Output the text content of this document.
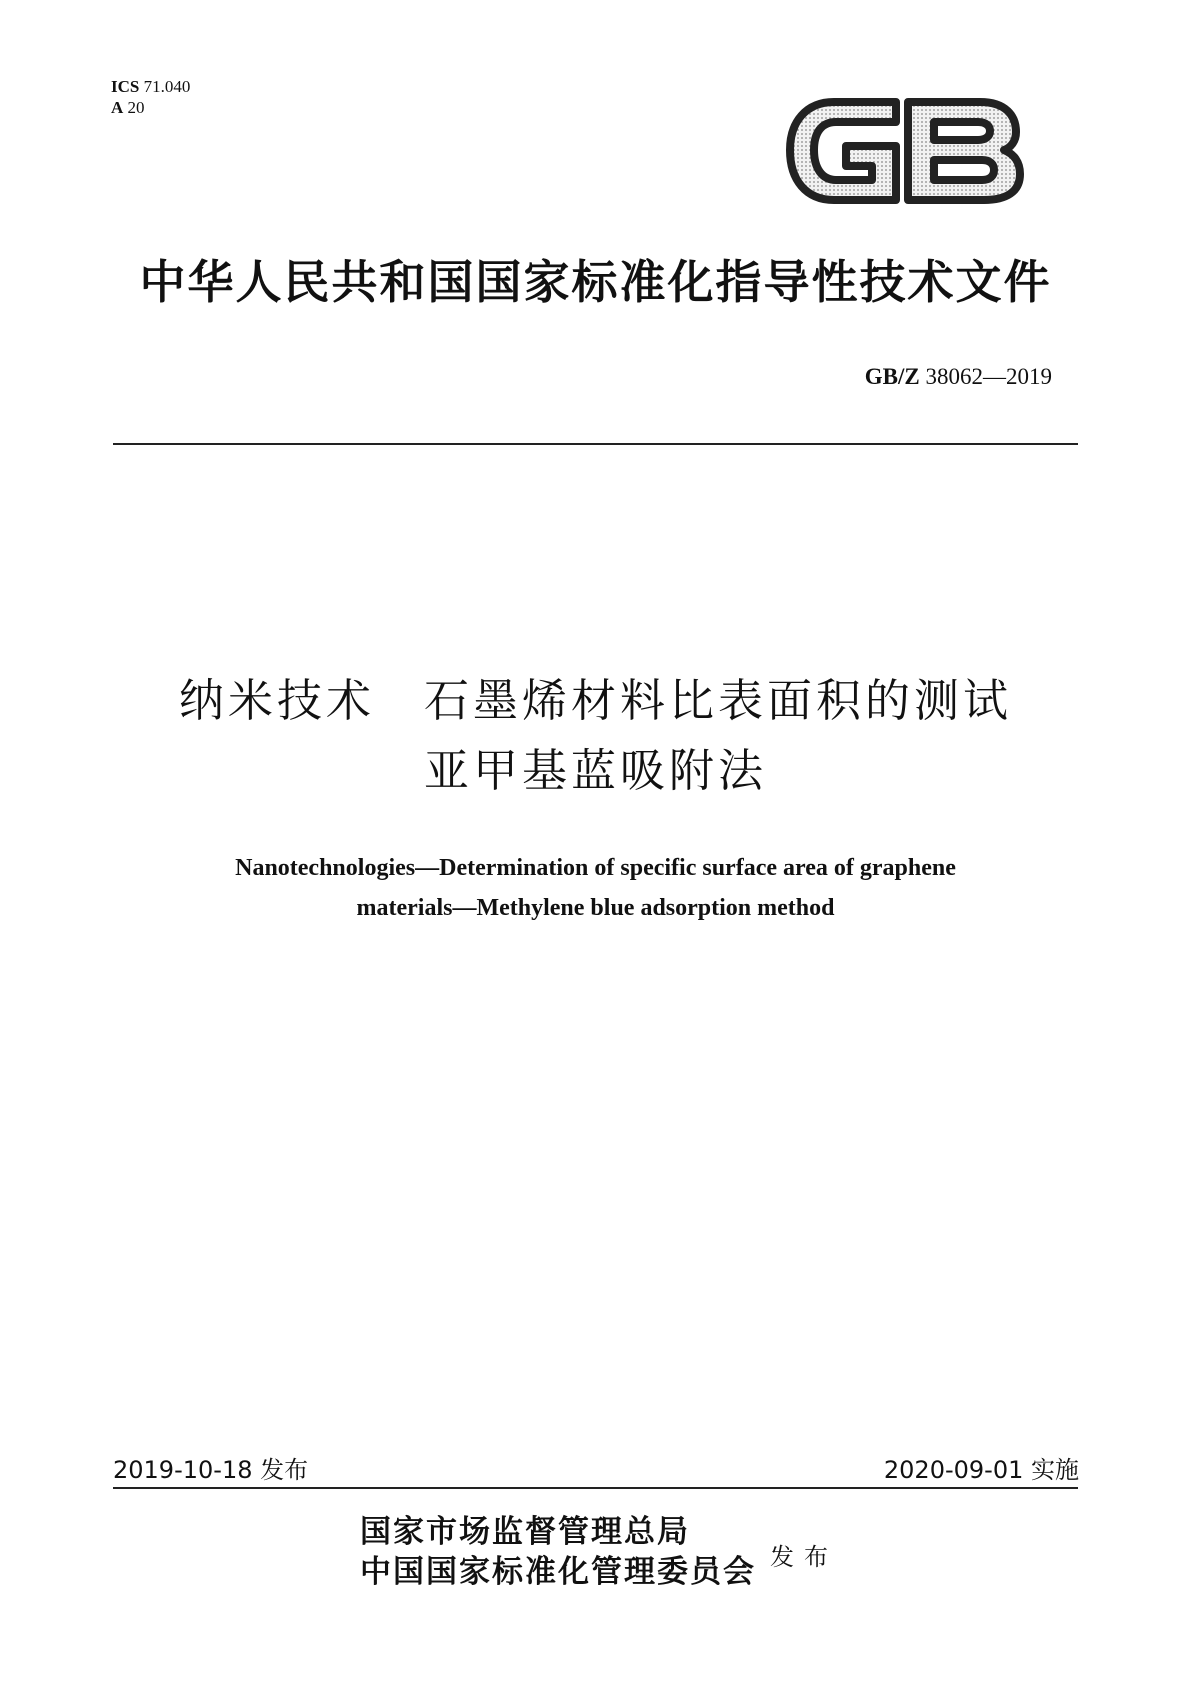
ICS 71.040
A 20
中华人民共和国国家标准化指导性技术文件
GB/Z 38062—2019
纳米技术　石墨烯材料比表面积的测试
亚甲基蓝吸附法
Nanotechnologies—Determination of specific surface area of graphene
materials—Methylene blue adsorption method
2019-10-18 发布	2020-09-01 实施
国家市场监督管理总局
中国国家标准化管理委员会 发布
